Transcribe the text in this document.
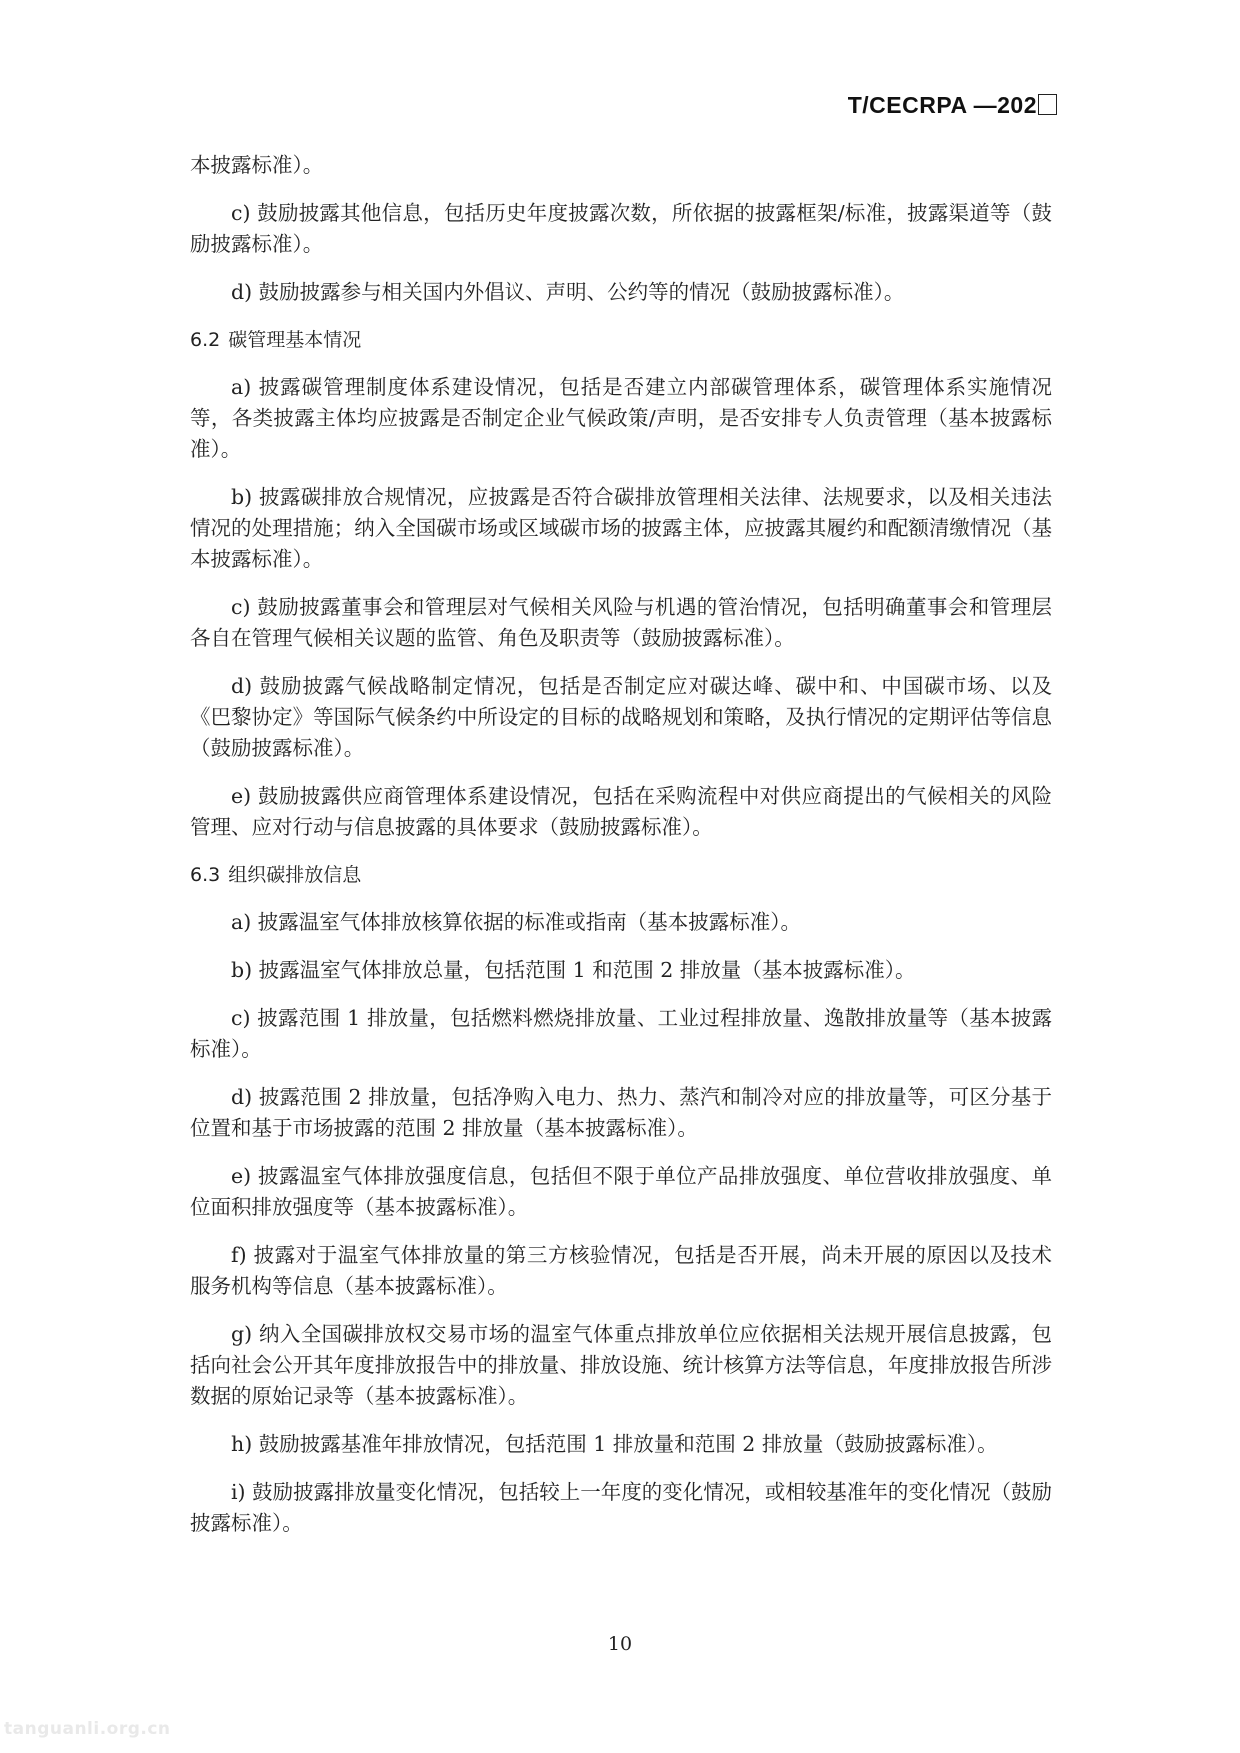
T/CECRPA —202

本披露标准）。

c) 鼓励披露其他信息，包括历史年度披露次数，所依据的披露框架/标准，披露渠道等（鼓励披露标准）。

d) 鼓励披露参与相关国内外倡议、声明、公约等的情况（鼓励披露标准）。

6.2 碳管理基本情况

a) 披露碳管理制度体系建设情况，包括是否建立内部碳管理体系，碳管理体系实施情况等，各类披露主体均应披露是否制定企业气候政策/声明，是否安排专人负责管理（基本披露标准）。

b) 披露碳排放合规情况，应披露是否符合碳排放管理相关法律、法规要求，以及相关违法情况的处理措施；纳入全国碳市场或区域碳市场的披露主体，应披露其履约和配额清缴情况（基本披露标准）。

c) 鼓励披露董事会和管理层对气候相关风险与机遇的管治情况，包括明确董事会和管理层各自在管理气候相关议题的监管、角色及职责等（鼓励披露标准）。

d) 鼓励披露气候战略制定情况，包括是否制定应对碳达峰、碳中和、中国碳市场、以及《巴黎协定》等国际气候条约中所设定的目标的战略规划和策略，及执行情况的定期评估等信息（鼓励披露标准）。

e) 鼓励披露供应商管理体系建设情况，包括在采购流程中对供应商提出的气候相关的风险管理、应对行动与信息披露的具体要求（鼓励披露标准）。

6.3 组织碳排放信息

a) 披露温室气体排放核算依据的标准或指南（基本披露标准）。

b) 披露温室气体排放总量，包括范围 1 和范围 2 排放量（基本披露标准）。

c) 披露范围 1 排放量，包括燃料燃烧排放量、工业过程排放量、逸散排放量等（基本披露标准）。

d) 披露范围 2 排放量，包括净购入电力、热力、蒸汽和制冷对应的排放量等，可区分基于位置和基于市场披露的范围 2 排放量（基本披露标准）。

e) 披露温室气体排放强度信息，包括但不限于单位产品排放强度、单位营收排放强度、单位面积排放强度等（基本披露标准）。

f) 披露对于温室气体排放量的第三方核验情况，包括是否开展，尚未开展的原因以及技术服务机构等信息（基本披露标准）。

g) 纳入全国碳排放权交易市场的温室气体重点排放单位应依据相关法规开展信息披露，包括向社会公开其年度排放报告中的排放量、排放设施、统计核算方法等信息，年度排放报告所涉数据的原始记录等（基本披露标准）。

h) 鼓励披露基准年排放情况，包括范围 1 排放量和范围 2 排放量（鼓励披露标准）。

i) 鼓励披露排放量变化情况，包括较上一年度的变化情况，或相较基准年的变化情况（鼓励披露标准）。

10
tanguanli.org.cn
